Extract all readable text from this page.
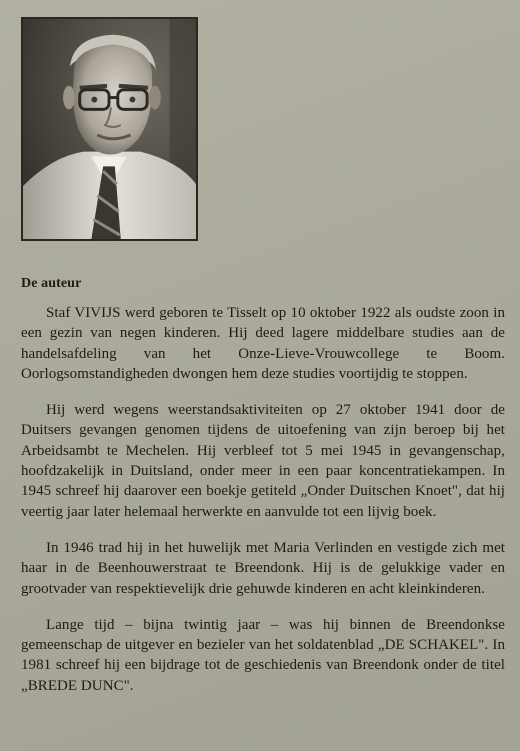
De auteur

Staf VIVIJS werd geboren te Tisselt op 10 oktober 1922 als oudste zoon in een gezin van negen kinderen. Hij deed lagere middelbare studies aan de handelsafdeling van het Onze-Lieve-Vrouwcollege te Boom. Oorlogsomstandigheden dwongen hem deze studies voortijdig te stoppen.

Hij werd wegens weerstandsaktiviteiten op 27 oktober 1941 door de Duitsers gevangen genomen tijdens de uitoefening van zijn beroep bij het Arbeidsambt te Mechelen. Hij verbleef tot 5 mei 1945 in gevangenschap, hoofdzakelijk in Duitsland, onder meer in een paar koncentratiekampen. In 1945 schreef hij daarover een boekje getiteld „Onder Duitschen Knoet", dat hij veertig jaar later helemaal herwerkte en aanvulde tot een lijvig boek.

In 1946 trad hij in het huwelijk met Maria Verlinden en vestigde zich met haar in de Beenhouwerstraat te Breendonk. Hij is de gelukkige vader en grootvader van respektievelijk drie gehuwde kinderen en acht kleinkinderen.

Lange tijd – bijna twintig jaar – was hij binnen de Breendonkse gemeenschap de uitgever en bezieler van het soldatenblad „DE SCHAKEL". In 1981 schreef hij een bijdrage tot de geschiedenis van Breendonk onder de titel „BREDE DUNC".
